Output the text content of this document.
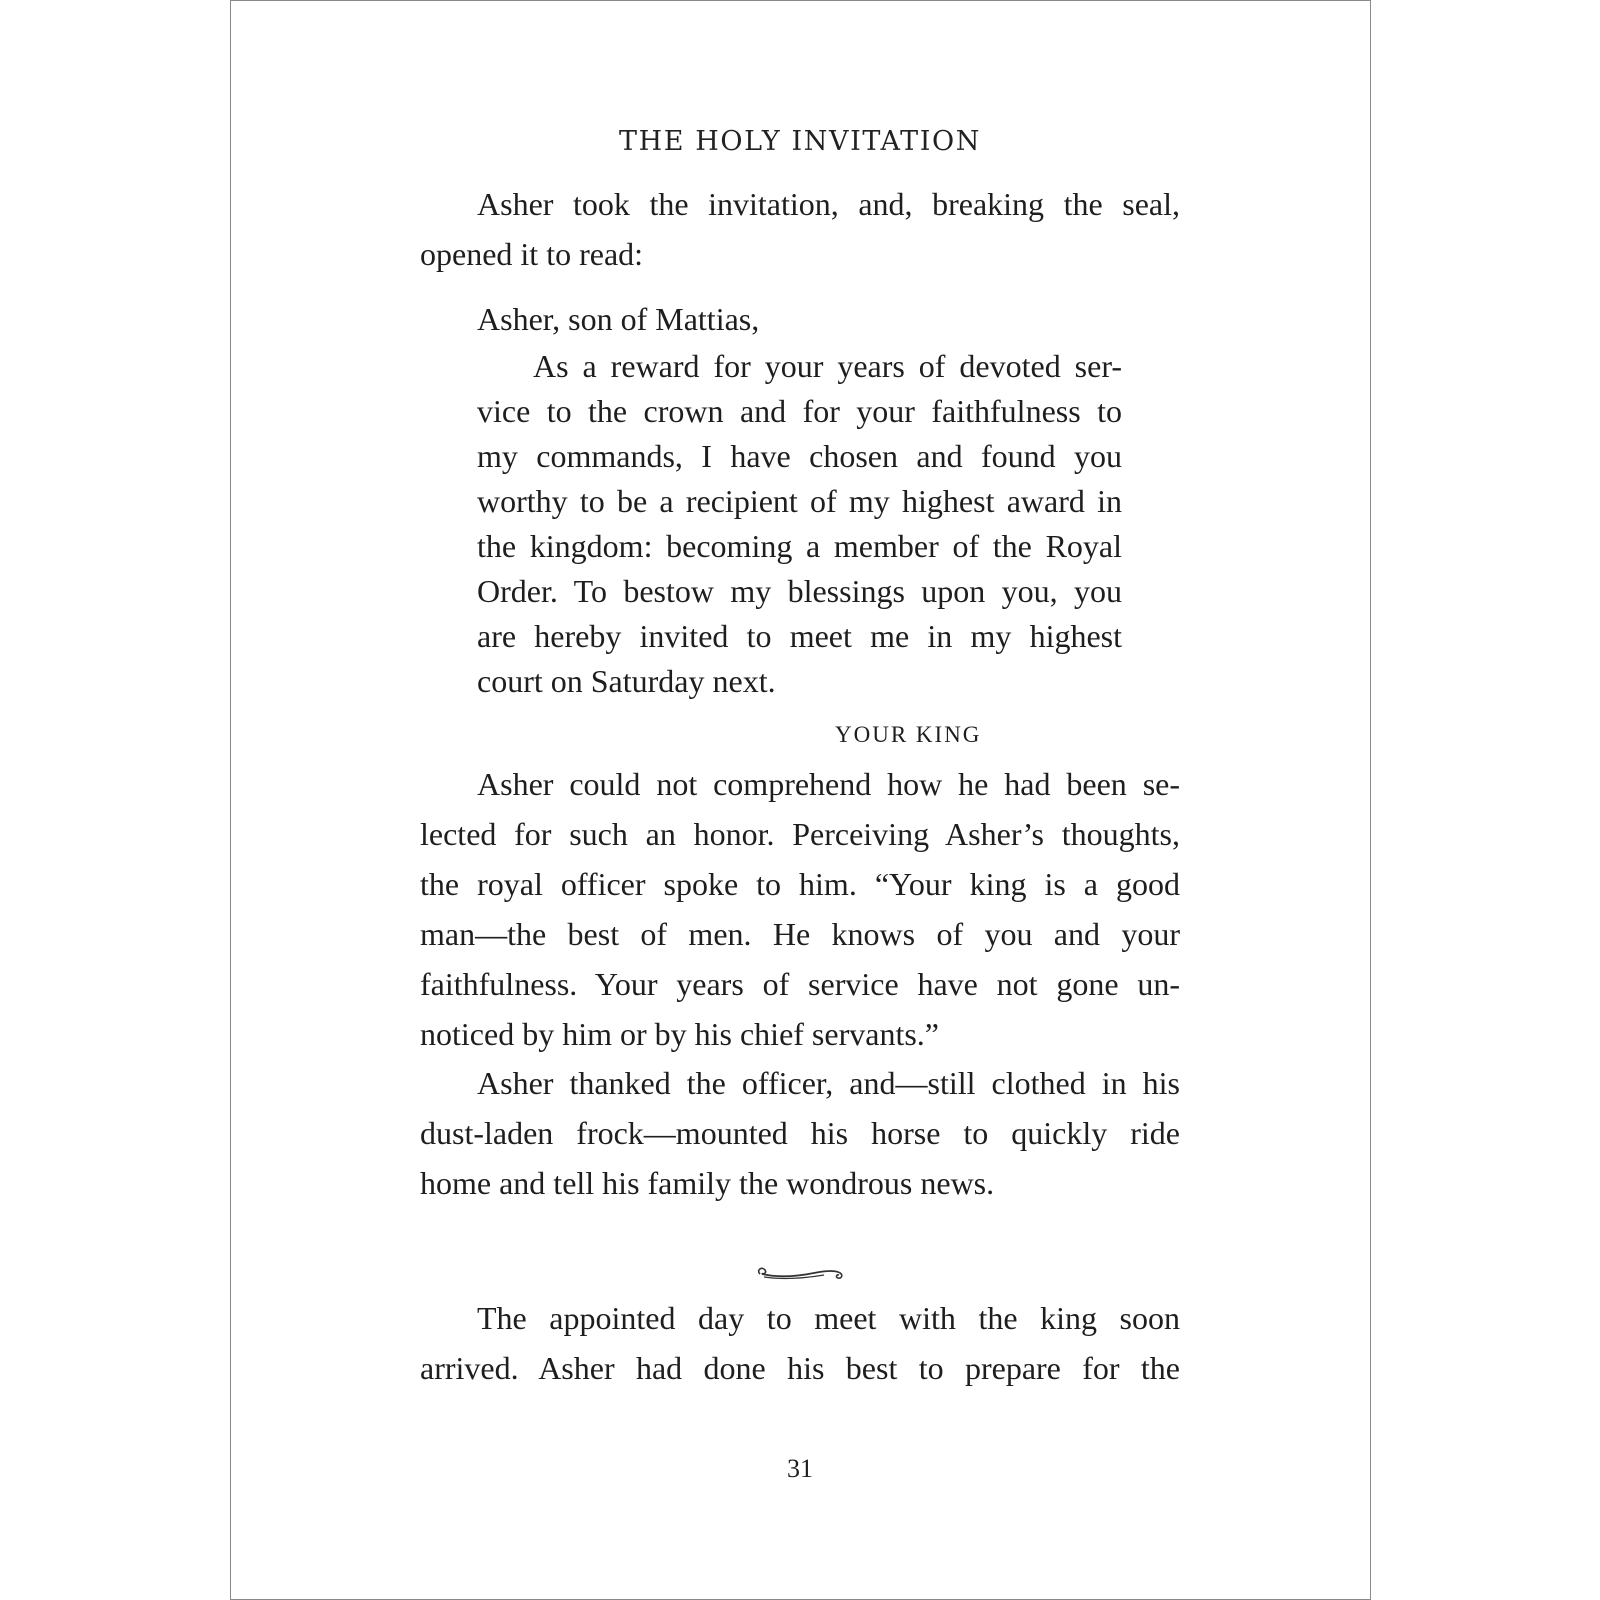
THE HOLY INVITATION
Asher took the invitation, and, breaking the seal,
opened it to read:
Asher, son of Mattias,
As a reward for your years of devoted ser-
vice to the crown and for your faithfulness to
my commands, I have chosen and found you
worthy to be a recipient of my highest award in
the kingdom: becoming a member of the Royal
Order. To bestow my blessings upon you, you
are hereby invited to meet me in my highest
court on Saturday next.
YOUR KING
Asher could not comprehend how he had been se-
lected for such an honor. Perceiving Asher’s thoughts,
the royal officer spoke to him. “Your king is a good
man—the best of men. He knows of you and your
faithfulness. Your years of service have not gone un-
noticed by him or by his chief servants.”
Asher thanked the officer, and—still clothed in his
dust-laden frock—mounted his horse to quickly ride
home and tell his family the wondrous news.
The appointed day to meet with the king soon
arrived. Asher had done his best to prepare for the
31
